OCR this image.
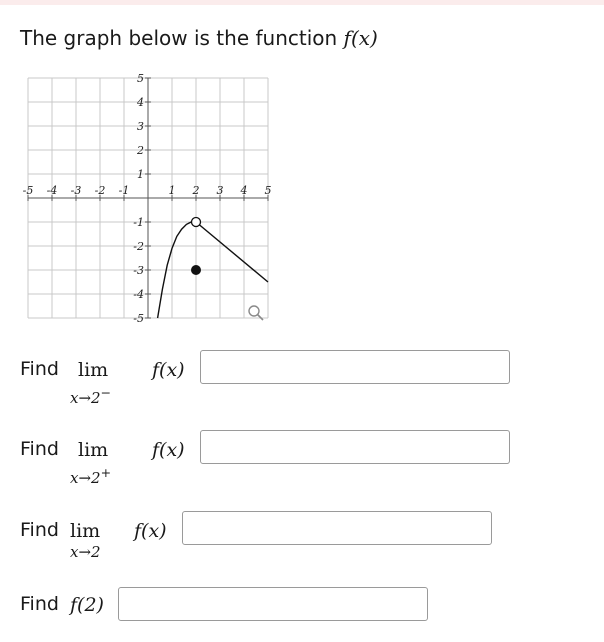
The graph below is the function f(x)
-5 -4 -3 -2 -1	1 2 3 4 5
5
4
3
2
1
-1
-2
-3
-4
-5
Find lim
x→2−
f(x)
Find lim
x→2+
f(x)
Find lim
x→2
f(x)
Find f(2)
